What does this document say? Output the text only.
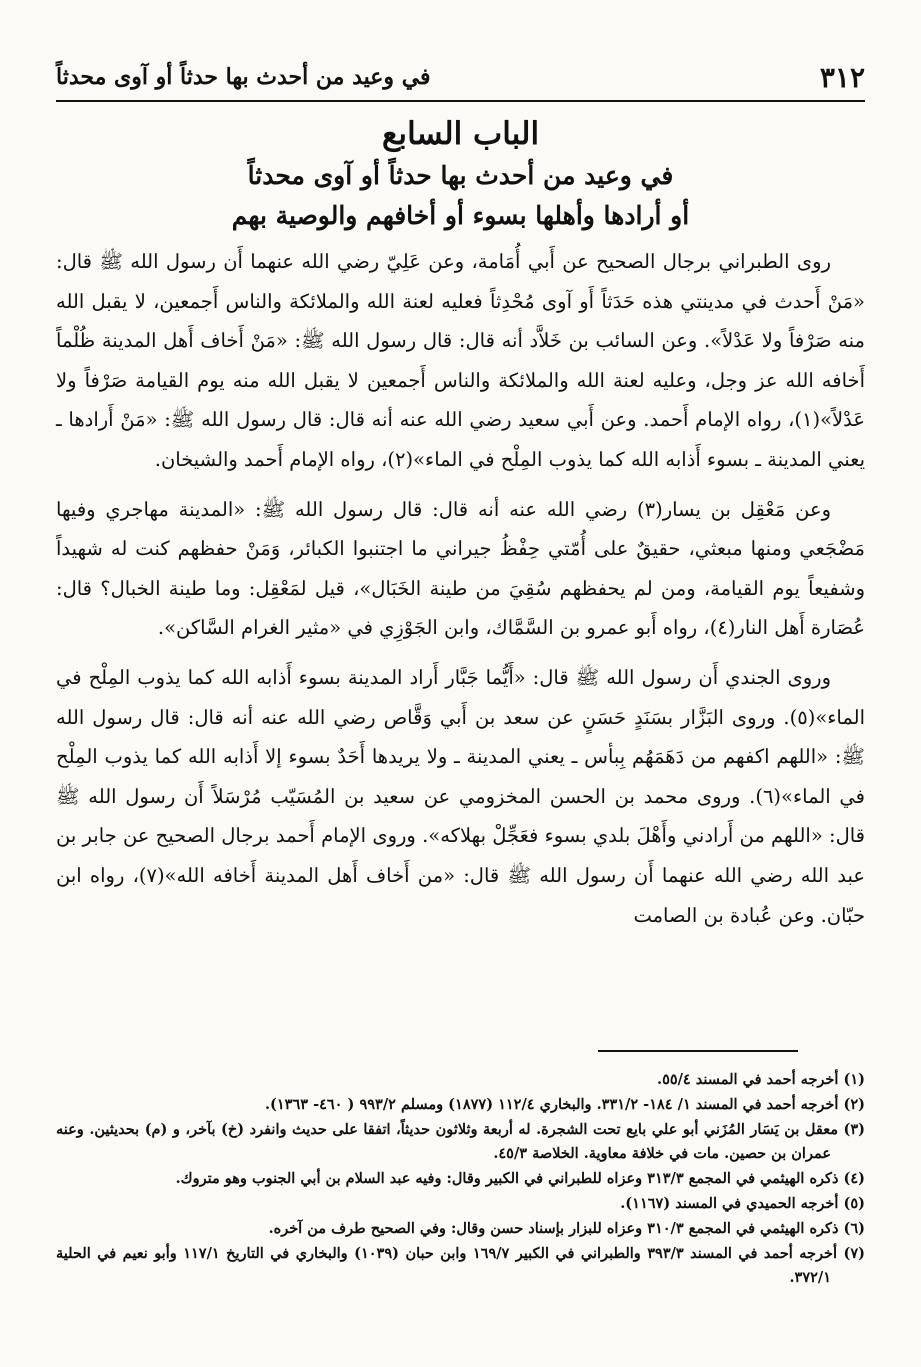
٣١٢
في وعيد من أحدث بها حدثاً أو آوى محدثاً
الباب السابع
في وعيد من أحدث بها حدثاً أو آوى محدثاً
أو أرادها وأهلها بسوء أو أخافهم والوصية بهم

روى الطبراني برجال الصحيح عن أَبي أُمَامة، وعن عَلِيّ رضي الله عنهما أَن رسول الله ﷺ قال: «مَنْ أَحدث في مدينتي هذه حَدَثاً أَو آوى مُحْدِثاً فعليه لعنة الله والملائكة والناس أَجمعين، لا يقبل الله منه صَرْفاً ولا عَدْلاً». وعن السائب بن خَلاَّد أنه قال: قال رسول الله ﷺ: «مَنْ أَخاف أَهل المدينة ظُلْماً أَخافه الله عز وجل، وعليه لعنة الله والملائكة والناس أَجمعين لا يقبل الله منه يوم القيامة صَرْفاً ولا عَدْلاً»(١)، رواه الإمام أَحمد. وعن أَبي سعيد رضي الله عنه أنه قال: قال رسول الله ﷺ: «مَنْ أَرادها ـ يعني المدينة ـ بسوء أَذابه الله كما يذوب المِلْح في الماء»(٢)، رواه الإمام أَحمد والشيخان.

وعن مَعْقِل بن يسار(٣) رضي الله عنه أنه قال: قال رسول الله ﷺ: «المدينة مهاجري وفيها مَضْجَعي ومنها مبعثي، حقيقٌ على أُمّتي حِفْظُ جيراني ما اجتنبوا الكبائر، وَمَنْ حفظهم كنت له شهيداً وشفيعاً يوم القيامة، ومن لم يحفظهم سُقِيَ من طينة الخَبَال»، قيل لمَعْقِل: وما طينة الخبال؟ قال: عُصَارة أَهل النار(٤)، رواه أَبو عمرو بن السَّمَّاك، وابن الجَوْزِي في «مثير الغرام السَّاكن».

وروى الجندي أَن رسول الله ﷺ قال: «أَيُّما جَبَّار أَراد المدينة بسوء أَذابه الله كما يذوب المِلْح في الماء»(٥). وروى البَزَّار بسَنَدٍ حَسَنٍ عن سعد بن أَبي وَقَّاص رضي الله عنه أنه قال: قال رسول الله ﷺ: «اللهم اكفهم من دَهَمَهُم بِبأس ـ يعني المدينة ـ ولا يريدها أَحَدٌ بسوء إلا أَذابه الله كما يذوب المِلْح في الماء»(٦). وروى محمد بن الحسن المخزومي عن سعيد بن المُسَيّب مُرْسَلاً أَن رسول الله ﷺ قال: «اللهم من أَرادني وأَهْلَ بلدي بسوء فعَجِّلْ بهلاكه». وروى الإمام أَحمد برجال الصحيح عن جابر بن عبد الله رضي الله عنهما أَن رسول الله ﷺ قال: «من أَخاف أَهل المدينة أَخافه الله»(٧)، رواه ابن حبّان. وعن عُبادة بن الصامت

(١) أخرجه أحمد في المسند ٥٥/٤.

(٢) أخرجه أحمد في المسند ١/ ١٨٤- ٣٣١/٢. والبخاري ١١٢/٤ (١٨٧٧) ومسلم ٩٩٣/٢ ( ٤٦٠- ١٣٦٣).

(٣) معقل بن يَسَار المُزَني أبو علي بايع تحت الشجرة. له أربعة وثلاثون حديثاً، اتفقا على حديث وانفرد (خ) بآخر، و (م) بحديثين. وعنه عمران بن حصين. مات في خلافة معاوية. الخلاصة ٤٥/٣.

(٤) ذكره الهيثمي في المجمع ٣١٣/٣ وعزاه للطبراني في الكبير وقال: وفيه عبد السلام بن أبي الجنوب وهو متروك.

(٥) أخرجه الحميدي في المسند (١١٦٧).

(٦) ذكره الهيثمي في المجمع ٣١٠/٣ وعزاه للبزار بإسناد حسن وقال: وفي الصحيح طرف من آخره.

(٧) أخرجه أحمد في المسند ٣٩٣/٣ والطبراني في الكبير ١٦٩/٧ وابن حبان (١٠٣٩) والبخاري في التاريخ ١١٧/١ وأبو نعيم في الحلية ٣٧٢/١.
